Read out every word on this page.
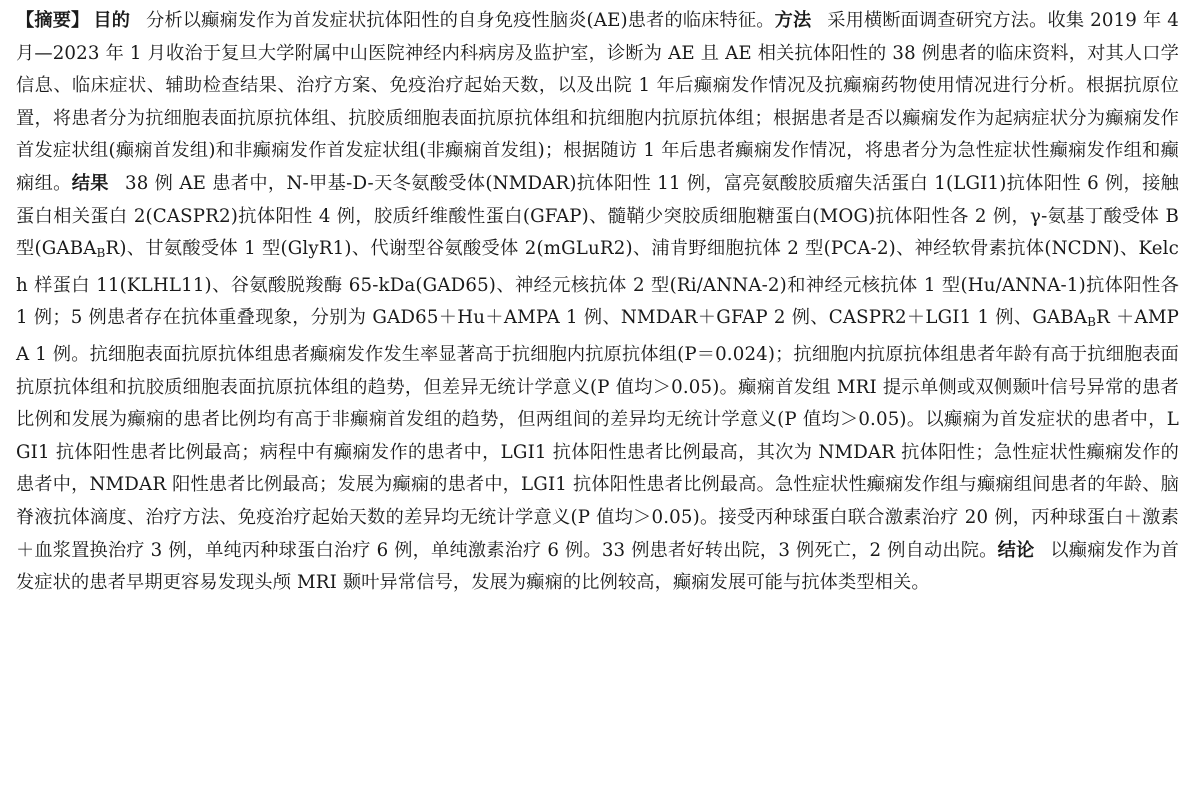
【摘要】 目的 分析以癫痫发作为首发症状抗体阳性的自身免疫性脑炎(AE)患者的临床特征。方法 采用横断面调查研究方法。收集 2019 年 4 月—2023 年 1 月收治于复旦大学附属中山医院神经内科病房及监护室，诊断为 AE 且 AE 相关抗体阳性的 38 例患者的临床资料，对其人口学信息、临床症状、辅助检查结果、治疗方案、免疫治疗起始天数，以及出院 1 年后癫痫发作情况及抗癫痫药物使用情况进行分析。根据抗原位置，将患者分为抗细胞表面抗原抗体组、抗胶质细胞表面抗原抗体组和抗细胞内抗原抗体组；根据患者是否以癫痫发作为起病症状分为癫痫发作首发症状组(癫痫首发组)和非癫痫发作首发症状组(非癫痫首发组)；根据随访 1 年后患者癫痫发作情况，将患者分为急性症状性癫痫发作组和癫痫组。结果 38 例 AE 患者中，N-甲基-D-天冬氨酸受体(NMDAR)抗体阳性 11 例，富亮氨酸胶质瘤失活蛋白 1(LGI1)抗体阳性 6 例，接触蛋白相关蛋白 2(CASPR2)抗体阳性 4 例，胶质纤维酸性蛋白(GFAP)、髓鞘少突胶质细胞糖蛋白(MOG)抗体阳性各 2 例，γ-氨基丁酸受体 B 型$(GABA_BR)$、甘氨酸受体 1 型(GlyR1)、代谢型谷氨酸受体 2(mGLuR2)、浦肯野细胞抗体 2 型(PCA-2)、神经软骨素抗体(NCDN)、Kelch 样蛋白 11(KLHL11)、谷氨酸脱羧酶 65-kDa(GAD65)、神经元核抗体 2 型(Ri/ANNA-2)和神经元核抗体 1 型(Hu/ANNA-1)抗体阳性各 1 例；5 例患者存在抗体重叠现象，分别为 GAD65＋Hu＋AMPA 1 例、NMDAR＋GFAP 2 例、CASPR2＋LGI1 1 例、$GABA_BR$ ＋AMPA 1 例。抗细胞表面抗原抗体组患者癫痫发作发生率显著高于抗细胞内抗原抗体组(P＝0.024)；抗细胞内抗原抗体组患者年龄有高于抗细胞表面抗原抗体组和抗胶质细胞表面抗原抗体组的趋势，但差异无统计学意义(P 值均＞0.05)。癫痫首发组 MRI 提示单侧或双侧颞叶信号异常的患者比例和发展为癫痫的患者比例均有高于非癫痫首发组的趋势，但两组间的差异均无统计学意义(P 值均＞0.05)。以癫痫为首发症状的患者中，LGI1 抗体阳性患者比例最高；病程中有癫痫发作的患者中，LGI1 抗体阳性患者比例最高，其次为 NMDAR 抗体阳性；急性症状性癫痫发作的患者中，NMDAR 阳性患者比例最高；发展为癫痫的患者中，LGI1 抗体阳性患者比例最高。急性症状性癫痫发作组与癫痫组间患者的年龄、脑脊液抗体滴度、治疗方法、免疫治疗起始天数的差异均无统计学意义(P 值均＞0.05)。接受丙种球蛋白联合激素治疗 20 例，丙种球蛋白＋激素＋血浆置换治疗 3 例，单纯丙种球蛋白治疗 6 例，单纯激素治疗 6 例。33 例患者好转出院，3 例死亡，2 例自动出院。结论 以癫痫发作为首发症状的患者早期更容易发现头颅 MRI 颞叶异常信号，发展为癫痫的比例较高，癫痫发展可能与抗体类型相关。
